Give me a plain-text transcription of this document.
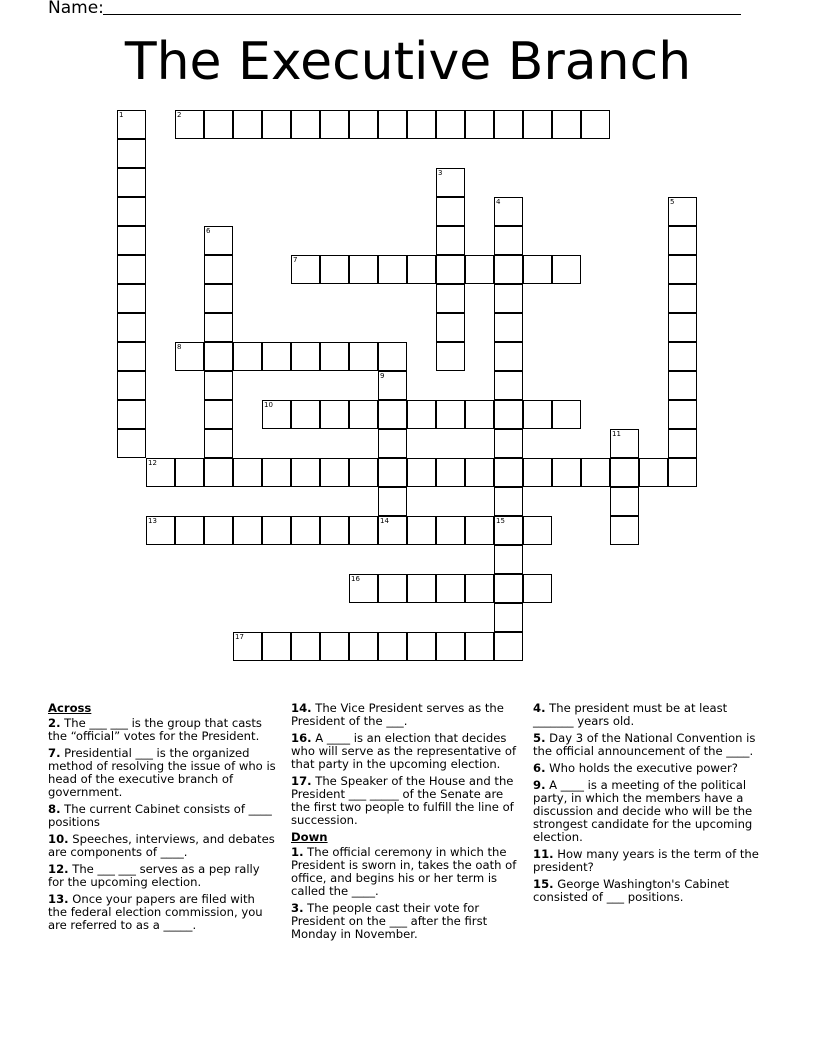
Name:
The Executive Branch
1	2
3
4	5
6
7
8
9
10
11
12
13	14	15
16
17
Across
2. The ___ ___ is the group that casts the “official” votes for the President.
7. Presidential ___ is the organized method of resolving the issue of who is head of the executive branch of government.
8. The current Cabinet consists of ____ positions
10. Speeches, interviews, and debates are components of ____.
12. The ___ ___ serves as a pep rally for the upcoming election.
13. Once your papers are filed with the federal election commission, you are referred to as a _____.
14. The Vice President serves as the President of the ___.
16. A ____ is an election that decides who will serve as the representative of that party in the upcoming election.
17. The Speaker of the House and the President ___ _____ of the Senate are the first two people to fulfill the line of succession.
Down
1. The official ceremony in which the President is sworn in, takes the oath of office, and begins his or her term is called the ____.
3. The people cast their vote for President on the ___ after the first Monday in November.
4. The president must be at least _______ years old.
5. Day 3 of the National Convention is the official announcement of the ____.
6. Who holds the executive power?
9. A ____ is a meeting of the political party, in which the members have a discussion and decide who will be the strongest candidate for the upcoming election.
11. How many years is the term of the president?
15. George Washington's Cabinet consisted of ___ positions.
